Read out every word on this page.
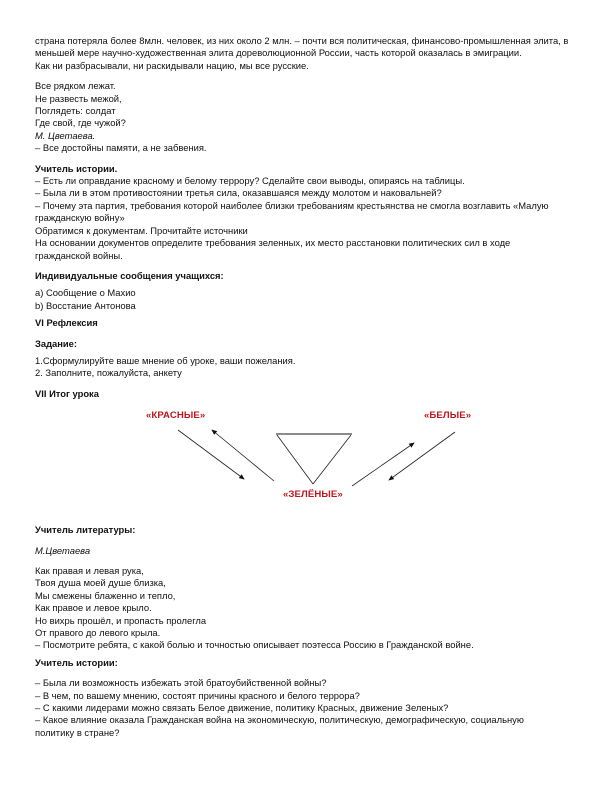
страна потеряла более 8млн. человек, из них около 2 млн. – почти вся политическая, финансово-промышленная элита, в меньшей мере научно-художественная элита дореволюционной России, часть которой оказалась в эмиграции.

Как ни разбрасывали, ни раскидывали нацию, мы все русские.

Все рядком лежат.
Не развесть межой,
Поглядеть: солдат
Где свой, где чужой?
М. Цветаева.
– Все достойны памяти, а не забвения.
Учитель истории.
– Есть ли оправдание красному и белому террору? Сделайте свои выводы, опираясь на таблицы.
– Была ли в этом противостоянии третья сила, оказавшаяся между молотом и наковальней?
– Почему эта партия, требования которой наиболее близки требованиям крестьянства не смогла возглавить «Малую гражданскую войну»
Обратимся к документам. Прочитайте источники
На основании документов определите требования зеленных, их место расстановки политических сил в ходе гражданской войны.
Индивидуальные сообщения учащихся:
а) Сообщение о Махио
b) Восстание Антонова
VI Рефлексия
Задание:
1.Сформулируйте ваше мнение об уроке, ваши пожелания.
2. Заполните, пожалуйста, анкету
VII Итог урока
«КРАСНЫЕ»	«БЕЛЫЕ»
«ЗЕЛЁНЫЕ»
Учитель литературы:
М.Цветаева
Как правая и левая рука,
Твоя душа моей душе близка,
Мы смежены блаженно и тепло,
Как правое и левое крыло.
Но вихрь прошёл, и пропасть пролегла
От правого до левого крыла.
– Посмотрите ребята, с какой болью и точностью описывает поэтесса Россию в Гражданской войне.
Учитель истории:
– Была ли возможность избежать этой братоубийственной войны?
– В чем, по вашему мнению, состоят причины красного и белого террора?
– С какими лидерами можно связать Белое движение, политику Красных, движение Зеленых?
– Какое влияние оказала Гражданская война на экономическую, политическую, демографическую, социальную политику в стране?
